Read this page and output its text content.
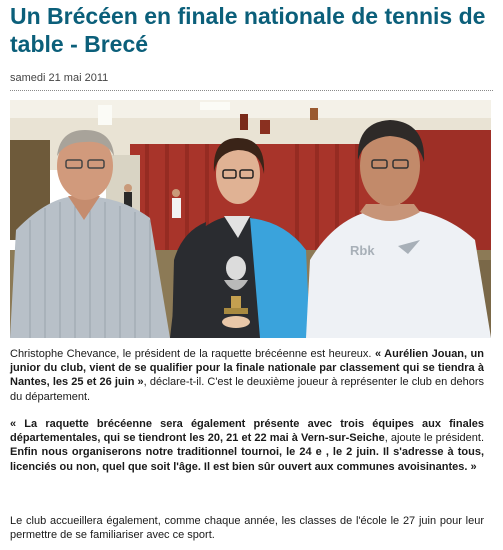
Un Brécéen en finale nationale de tennis de table - Brecé
samedi 21 mai 2011
Rbk

Christophe Chevance, le président de la raquette brécéenne est heureux. « Aurélien Jouan, un junior du club, vient de se qualifier pour la finale nationale par classement qui se tiendra à Nantes, les 25 et 26 juin », déclare-t-il. C'est le deuxième joueur à représenter le club en dehors du département.

« La raquette brécéenne sera également présente avec trois équipes aux finales départementales, qui se tiendront les 20, 21 et 22 mai à Vern-sur-Seiche, ajoute le président. Enfin nous organiserons notre traditionnel tournoi, le 24 e , le 2 juin. Il s'adresse à tous, licenciés ou non, quel que soit l'âge. Il est bien sûr ouvert aux communes avoisinantes. »

Le club accueillera également, comme chaque année, les classes de l'école le 27 juin pour leur permettre de se familiariser avec ce sport.
